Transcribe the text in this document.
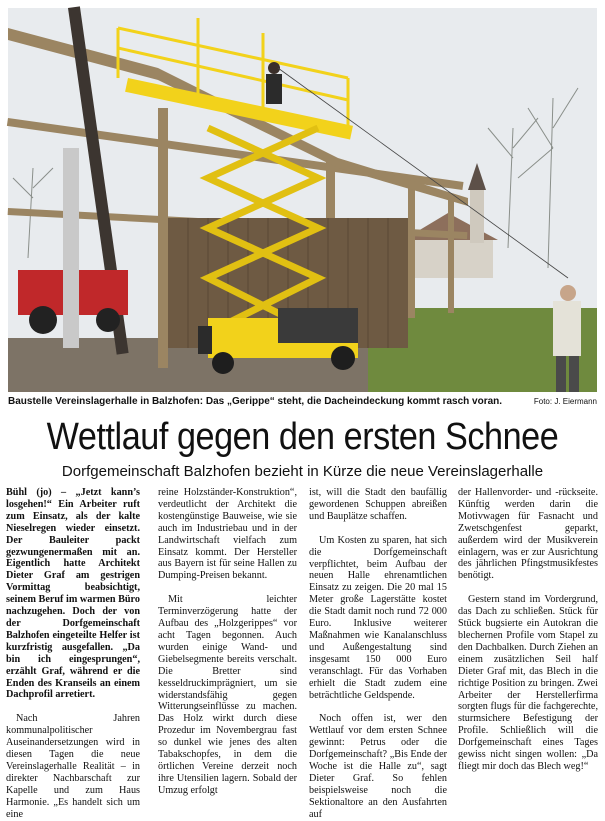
Baustelle Vereinslagerhalle in Balzhofen: Das „Gerippe“ steht, die Dacheindeckung kommt rasch voran.	Foto: J. Eiermann
Wettlauf gegen den ersten Schnee
Dorfgemeinschaft Balzhofen bezieht in Kürze die neue Vereinslagerhalle

Bühl (jo) – „Jetzt kann’s losgehen!“ Ein Arbeiter ruft zum Einsatz, als der kalte Nieselregen wieder einsetzt. Der Bauleiter packt gezwungenermaßen mit an. Eigentlich hatte Architekt Dieter Graf am gestrigen Vormittag beabsichtigt, seinem Beruf im warmen Büro nachzugehen. Doch der von der Dorfgemeinschaft Balzhofen eingeteilte Helfer ist kurzfristig ausgefallen. „Da bin ich eingesprungen“, erzählt Graf, während er die Enden des Kranseils an einem Dachprofil arretiert.

Nach Jahren kommunalpolitischer Auseinandersetzungen wird in diesen Tagen die neue Vereinslagerhalle Realität – in direkter Nachbarschaft zur Kapelle und zum Haus Harmonie. „Es handelt sich um eine

reine Holzständer-Konstruktion“, verdeutlicht der Architekt die kostengünstige Bauweise, wie sie auch im Industriebau und in der Landwirtschaft vielfach zum Einsatz kommt. Der Hersteller aus Bayern ist für seine Hallen zu Dumping-Preisen bekannt.

Mit leichter Terminverzögerung hatte der Aufbau des „Holzgerippes“ vor acht Tagen begonnen. Auch wurden einige Wand- und Giebelsegmente bereits verschalt. Die Bretter sind kesseldruckimprägniert, um sie widerstandsfähig gegen Witterungseinflüsse zu machen. Das Holz wirkt durch diese Prozedur im Novembergrau fast so dunkel wie jenes des alten Tabakschopfes, in dem die örtlichen Vereine derzeit noch ihre Utensilien lagern. Sobald der Umzug erfolgt

ist, will die Stadt den baufällig gewordenen Schuppen abreißen und Bauplätze schaffen.

Um Kosten zu sparen, hat sich die Dorfgemeinschaft verpflichtet, beim Aufbau der neuen Halle ehrenamtlichen Einsatz zu zeigen. Die 20 mal 15 Meter große Lagerstätte kostet die Stadt damit noch rund 72 000 Euro. Inklusive weiterer Maßnahmen wie Kanalanschluss und Außengestaltung sind insgesamt 150 000 Euro veranschlagt. Für das Vorhaben erhielt die Stadt zudem eine beträchtliche Geldspende.

Noch offen ist, wer den Wettlauf vor dem ersten Schnee gewinnt: Petrus oder die Dorfgemeinschaft? „Bis Ende der Woche ist die Halle zu“, sagt Dieter Graf. So fehlen beispielsweise noch die Sektionaltore an den Ausfahrten auf

der Hallenvorder- und -rückseite. Künftig werden darin die Motivwagen für Fasnacht und Zwetschgenfest geparkt, außerdem wird der Musikverein einlagern, was er zur Ausrichtung des jährlichen Pfingstmusikfestes benötigt.

Gestern stand im Vordergrund, das Dach zu schließen. Stück für Stück bugsierte ein Autokran die blechernen Profile vom Stapel zu den Dachbalken. Durch Ziehen an einem zusätzlichen Seil half Dieter Graf mit, das Blech in die richtige Position zu bringen. Zwei Arbeiter der Herstellerfirma sorgten flugs für die fachgerechte, sturmsichere Befestigung der Profile. Schließlich will die Dorfgemeinschaft eines Tages gewiss nicht singen wollen: „Da fliegt mir doch das Blech weg!“
